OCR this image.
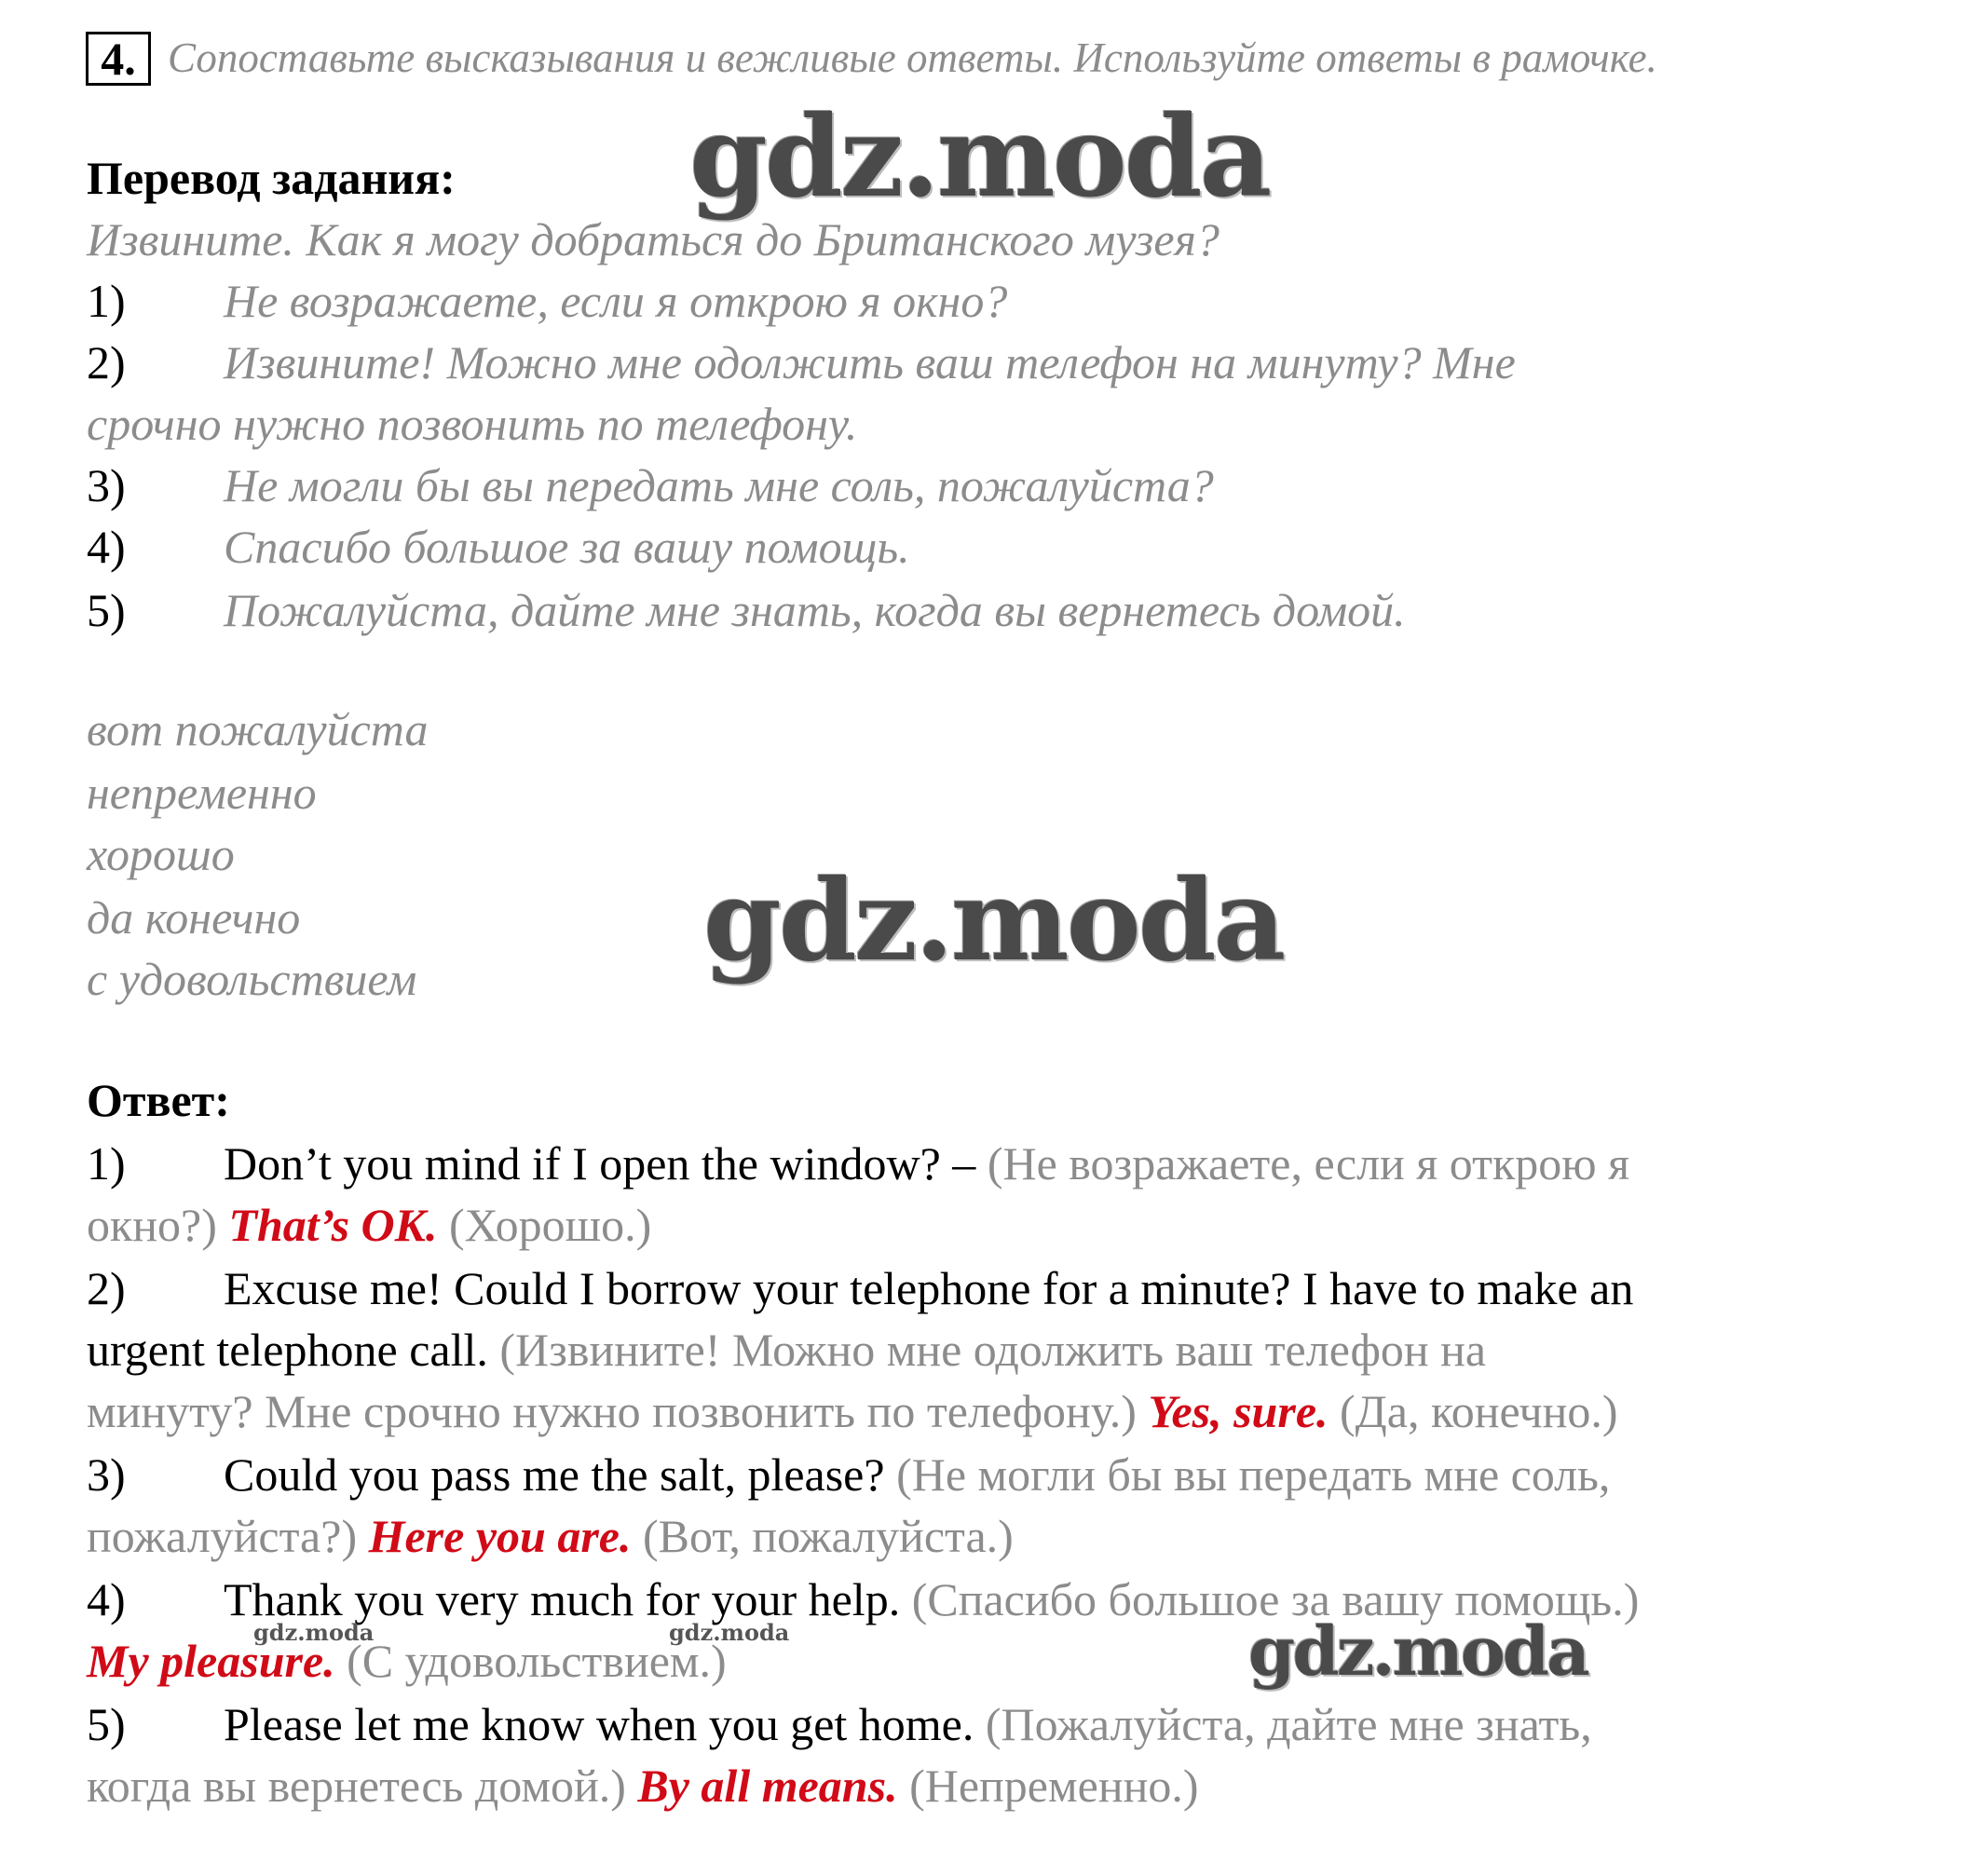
4. Сопоставьте высказывания и вежливые ответы. Используйте ответы в рамочке.
Перевод задания:
Извините. Как я могу добраться до Британского музея?
1) Не возражаете, если я открою я окно?
2) Извините! Можно мне одолжить ваш телефон на минуту? Мне
срочно нужно позвонить по телефону.
3) Не могли бы вы передать мне соль, пожалуйста?
4) Спасибо большое за вашу помощь.
5) Пожалуйста, дайте мне знать, когда вы вернетесь домой.
вот пожалуйста
непременно
хорошо
да конечно
с удовольствием
Ответ:
1) Don’t you mind if I open the window? – (Не возражаете, если я открою я
окно?) That’s OK. (Хорошо.)
2) Excuse me! Could I borrow your telephone for a minute? I have to make an
urgent telephone call. (Извините! Можно мне одолжить ваш телефон на
минуту? Мне срочно нужно позвонить по телефону.) Yes, sure. (Да, конечно.)
3) Could you pass me the salt, please? (Не могли бы вы передать мне соль,
пожалуйста?) Here you are. (Вот, пожалуйста.)
4) Thank you very much for your help. (Спасибо большое за вашу помощь.)
My pleasure. (С удовольствием.)
5) Please let me know when you get home. (Пожалуйста, дайте мне знать,
когда вы вернетесь домой.) By all means. (Непременно.)
gdz.moda
gdz.moda
gdz.moda
gdz.moda	gdz.moda
